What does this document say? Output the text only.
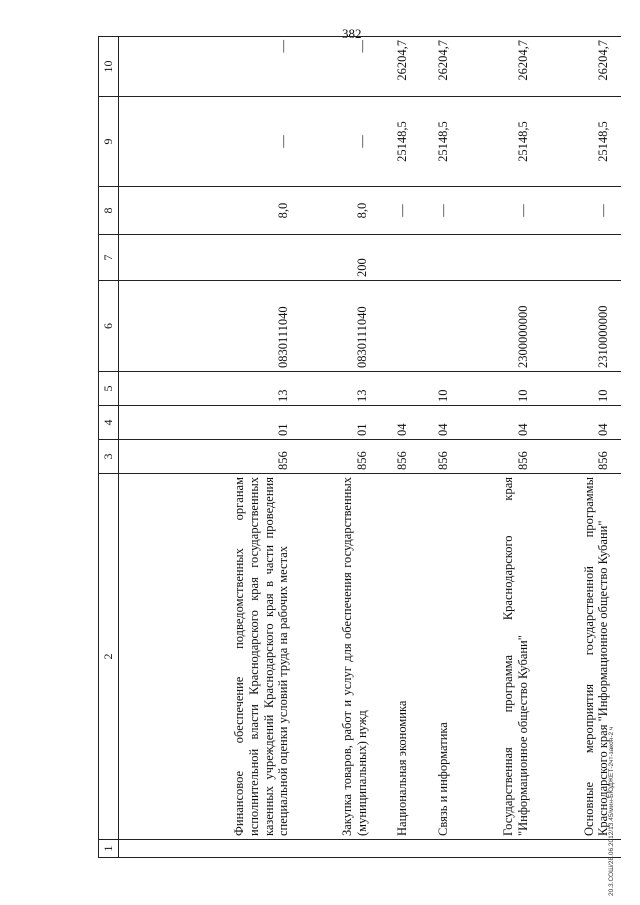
382
1	2	3	4	5	6	7	8	9	10
	Финансовое обеспечение подведомственных органам исполнительной власти Краснодарского края государственных казенных учреждений Краснодарского края в части проведения специальной оценки условий труда на рабочих местах	856	01	13	0830111040		8,0	—	—
	Закупка товаров, работ и услуг для обеспечения государственных (муниципальных) нужд	856	01	13	0830111040	200	8,0	—	—
	Национальная экономика	856	04				—	25148,5	26204,7
	Связь и информатика	856	04	10			—	25148,5	26204,7
	Государственная программа Краснодарского края "Информационное общество Кубани"	856	04	10	2300000000		—	25148,5	26204,7
	Основные мероприятия государственной программы Краснодарского края "Информационное общество Кубани"	856	04	10	2310000000		—	25148,5	26204,7
20.3.СОШ/28.06.2012/13.45/мин-БЮДЖЕТ-2чт-закон-2 ч
